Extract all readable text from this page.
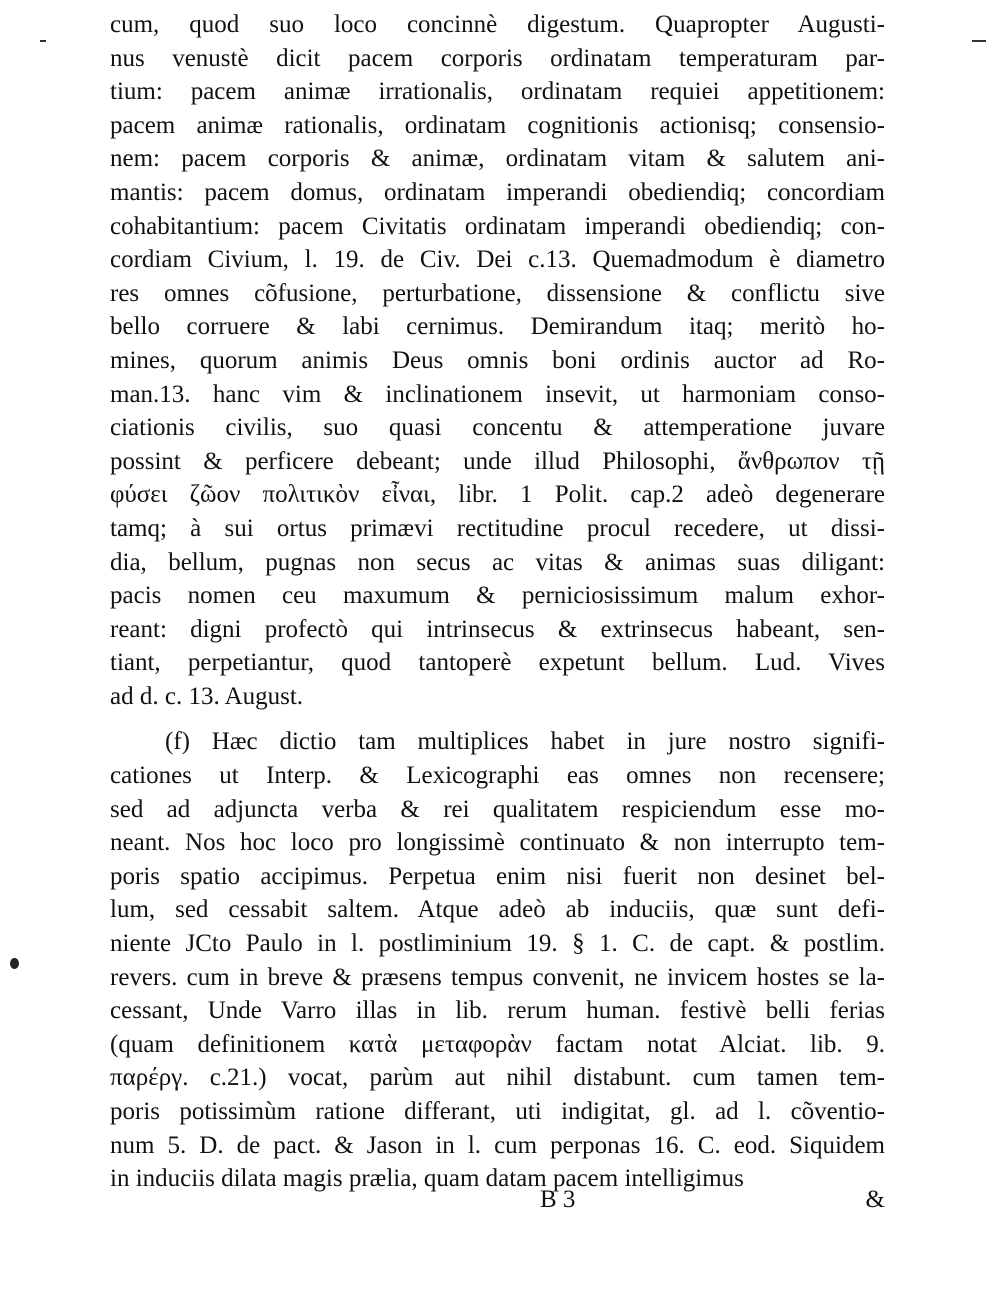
cum, quod suo loco concinnè digestum. Quapropter Augusti-
nus venustè dicit pacem corporis ordinatam temperaturam par-
tium: pacem animæ irrationalis, ordinatam requiei appetitionem:
pacem animæ rationalis, ordinatam cognitionis actionisq; consensio-
nem: pacem corporis & animæ, ordinatam vitam & salutem ani-
mantis: pacem domus, ordinatam imperandi obediendiq; concordiam
cohabitantium: pacem Civitatis ordinatam imperandi obediendiq; con-
cordiam Civium, l. 19. de Civ. Dei c.13. Quemadmodum è diametro
res omnes cõfusione, perturbatione, dissensione & conflictu sive
bello corruere & labi cernimus. Demirandum itaq; meritò ho-
mines, quorum animis Deus omnis boni ordinis auctor ad Ro-
man.13. hanc vim & inclinationem insevit, ut harmoniam conso-
ciationis civilis, suo quasi concentu & attemperatione juvare
possint & perficere debeant; unde illud Philosophi, ἄνθρωπον τῇ
φύσει ζῶον πολιτικὸν εἶναι, libr. 1 Polit. cap.2 adeò degenerare
tamq; à sui ortus primævi rectitudine procul recedere, ut dissi-
dia, bellum, pugnas non secus ac vitas & animas suas diligant:
pacis nomen ceu maxumum & perniciosissimum malum exhor-
reant: digni profectò qui intrinsecus & extrinsecus habeant, sen-
tiant, perpetiantur, quod tantoperè expetunt bellum. Lud. Vives
ad d. c. 13. August.
(f) Hæc dictio tam multiplices habet in jure nostro signifi-
cationes ut Interp. & Lexicographi eas omnes non recensere;
sed ad adjuncta verba & rei qualitatem respiciendum esse mo-
neant. Nos hoc loco pro longissimè continuato & non interrupto tem-
poris spatio accipimus. Perpetua enim nisi fuerit non desinet bel-
lum, sed cessabit saltem. Atque adeò ab induciis, quæ sunt defi-
niente JCto Paulo in l. postliminium 19. § 1. C. de capt. & postlim.
revers. cum in breve & præsens tempus convenit, ne invicem hostes se la-
cessant, Unde Varro illas in lib. rerum human. festivè belli ferias
(quam definitionem κατὰ μεταφορὰν factam notat Alciat. lib. 9.
παρέργ. c.21.) vocat, parùm aut nihil distabunt. cum tamen tem-
poris potissimùm ratione differant, uti indigitat, gl. ad l. cõventio-
num 5. D. de pact. & Jason in l. cum perponas 16. C. eod. Siquidem
in induciis dilata magis prælia, quam datam pacem intelligimus
B 3	&
